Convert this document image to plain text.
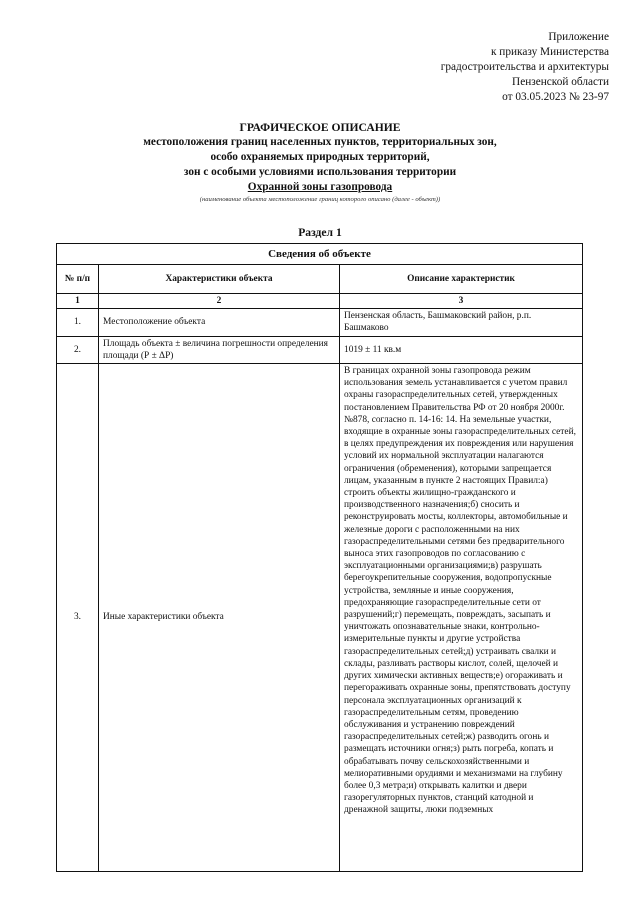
Приложение
к приказу Министерства
градостроительства и архитектуры
Пензенской области
от 03.05.2023 № 23-97
ГРАФИЧЕСКОЕ ОПИСАНИЕ
местоположения границ населенных пунктов, территориальных зон,
особо охраняемых природных территорий,
зон с особыми условиями использования территории
Охранной зоны газопровода
(наименование объекта местоположение границ которого описано (далее - объект))
Раздел 1
Сведения об объекте		
№ п/п	Характеристики объекта	Описание характеристик
1	2	3
1.	Местоположение объекта	Пензенская область, Башмаковский район, р.п. Башмаково
2.	Площадь объекта ± величина погрешности определения площади (Р ± ΔР)	1019 ± 11 кв.м
3.	Иные характеристики объекта	В границах охранной зоны газопровода режим использования земель устанавливается с учетом правил охраны газораспределительных сетей, утвержденных постановлением Правительства РФ от 20 ноября 2000г. №878, согласно п. 14-16: 14. На земельные участки, входящие в охранные зоны газораспределительных сетей, в целях предупреждения их повреждения или нарушения условий их нормальной эксплуатации налагаются ограничения (обременения), которыми запрещается лицам, указанным в пункте 2 настоящих Правил:а) строить объекты жилищно-гражданского и производственного назначения;б) сносить и реконструировать мосты, коллекторы, автомобильные и железные дороги с расположенными на них газораспределительными сетями без предварительного выноса этих газопроводов по согласованию с эксплуатационными организациями;в) разрушать берегоукрепительные сооружения, водопропускные устройства, земляные и иные сооружения, предохраняющие газораспределительные сети от разрушений;г) перемещать, повреждать, засыпать и уничтожать опознавательные знаки, контрольно-измерительные пункты и другие устройства газораспределительных сетей;д) устраивать свалки и склады, разливать растворы кислот, солей, щелочей и других химически активных веществ;е) огораживать и перегораживать охранные зоны, препятствовать доступу персонала эксплуатационных организаций к газораспределительным сетям, проведению обслуживания и устранению повреждений газораспределительных сетей;ж) разводить огонь и размещать источники огня;з) рыть погреба, копать и обрабатывать почву сельскохозяйственными и мелиоративными орудиями и механизмами на глубину более 0,3 метра;и) открывать калитки и двери газорегуляторных пунктов, станций катодной и дренажной защиты, люки подземных
